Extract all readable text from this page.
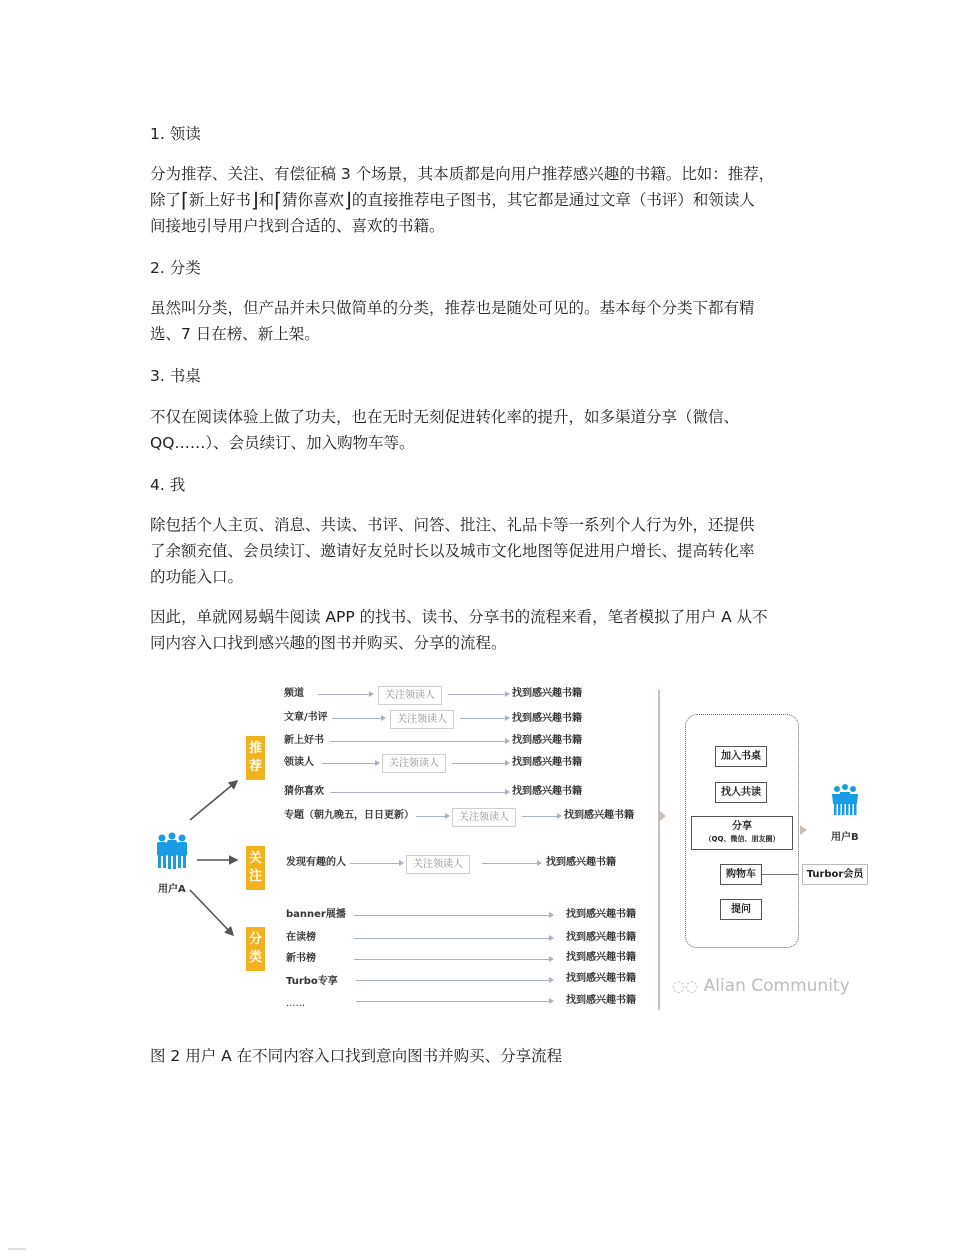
1. 领读
分为推荐、关注、有偿征稿 3 个场景，其本质都是向用户推荐感兴趣的书籍。比如：推荐，
除了⌈新上好书⌋和⌈猜你喜欢⌋的直接推荐电子图书，其它都是通过文章（书评）和领读人
间接地引导用户找到合适的、喜欢的书籍。
2. 分类
虽然叫分类，但产品并未只做简单的分类，推荐也是随处可见的。基本每个分类下都有精
选、7 日在榜、新上架。
3. 书桌
不仅在阅读体验上做了功夫，也在无时无刻促进转化率的提升，如多渠道分享（微信、
QQ……）、会员续订、加入购物车等。
4. 我
除包括个人主页、消息、共读、书评、问答、批注、礼品卡等一系列个人行为外，还提供
了余额充值、会员续订、邀请好友兑时长以及城市文化地图等促进用户增长、提高转化率
的功能入口。
因此，单就网易蜗牛阅读 APP 的找书、读书、分享书的流程来看，笔者模拟了用户 A 从不
同内容入口找到感兴趣的图书并购买、分享的流程。
用户A
推
荐
关
注
分
类
频道	关注领读人	找到感兴趣书籍
文章/书评	关注领读人	找到感兴趣书籍
新上好书	找到感兴趣书籍
领读人	关注领读人	找到感兴趣书籍
猜你喜欢	找到感兴趣书籍
专题（朝九晚五，日日更新）	关注领读人	找到感兴趣书籍
发现有趣的人	关注领读人	找到感兴趣书籍
banner展播	找到感兴趣书籍
在读榜	找到感兴趣书籍
新书榜	找到感兴趣书籍
Turbo专享	找到感兴趣书籍
......	找到感兴趣书籍
加入书桌
找人共读
分享
（QQ、微信、朋友圈）
购物车
提问
Turbor会员
用户B
◌◌ Alian Community
图 2 用户 A 在不同内容入口找到意向图书并购买、分享流程
